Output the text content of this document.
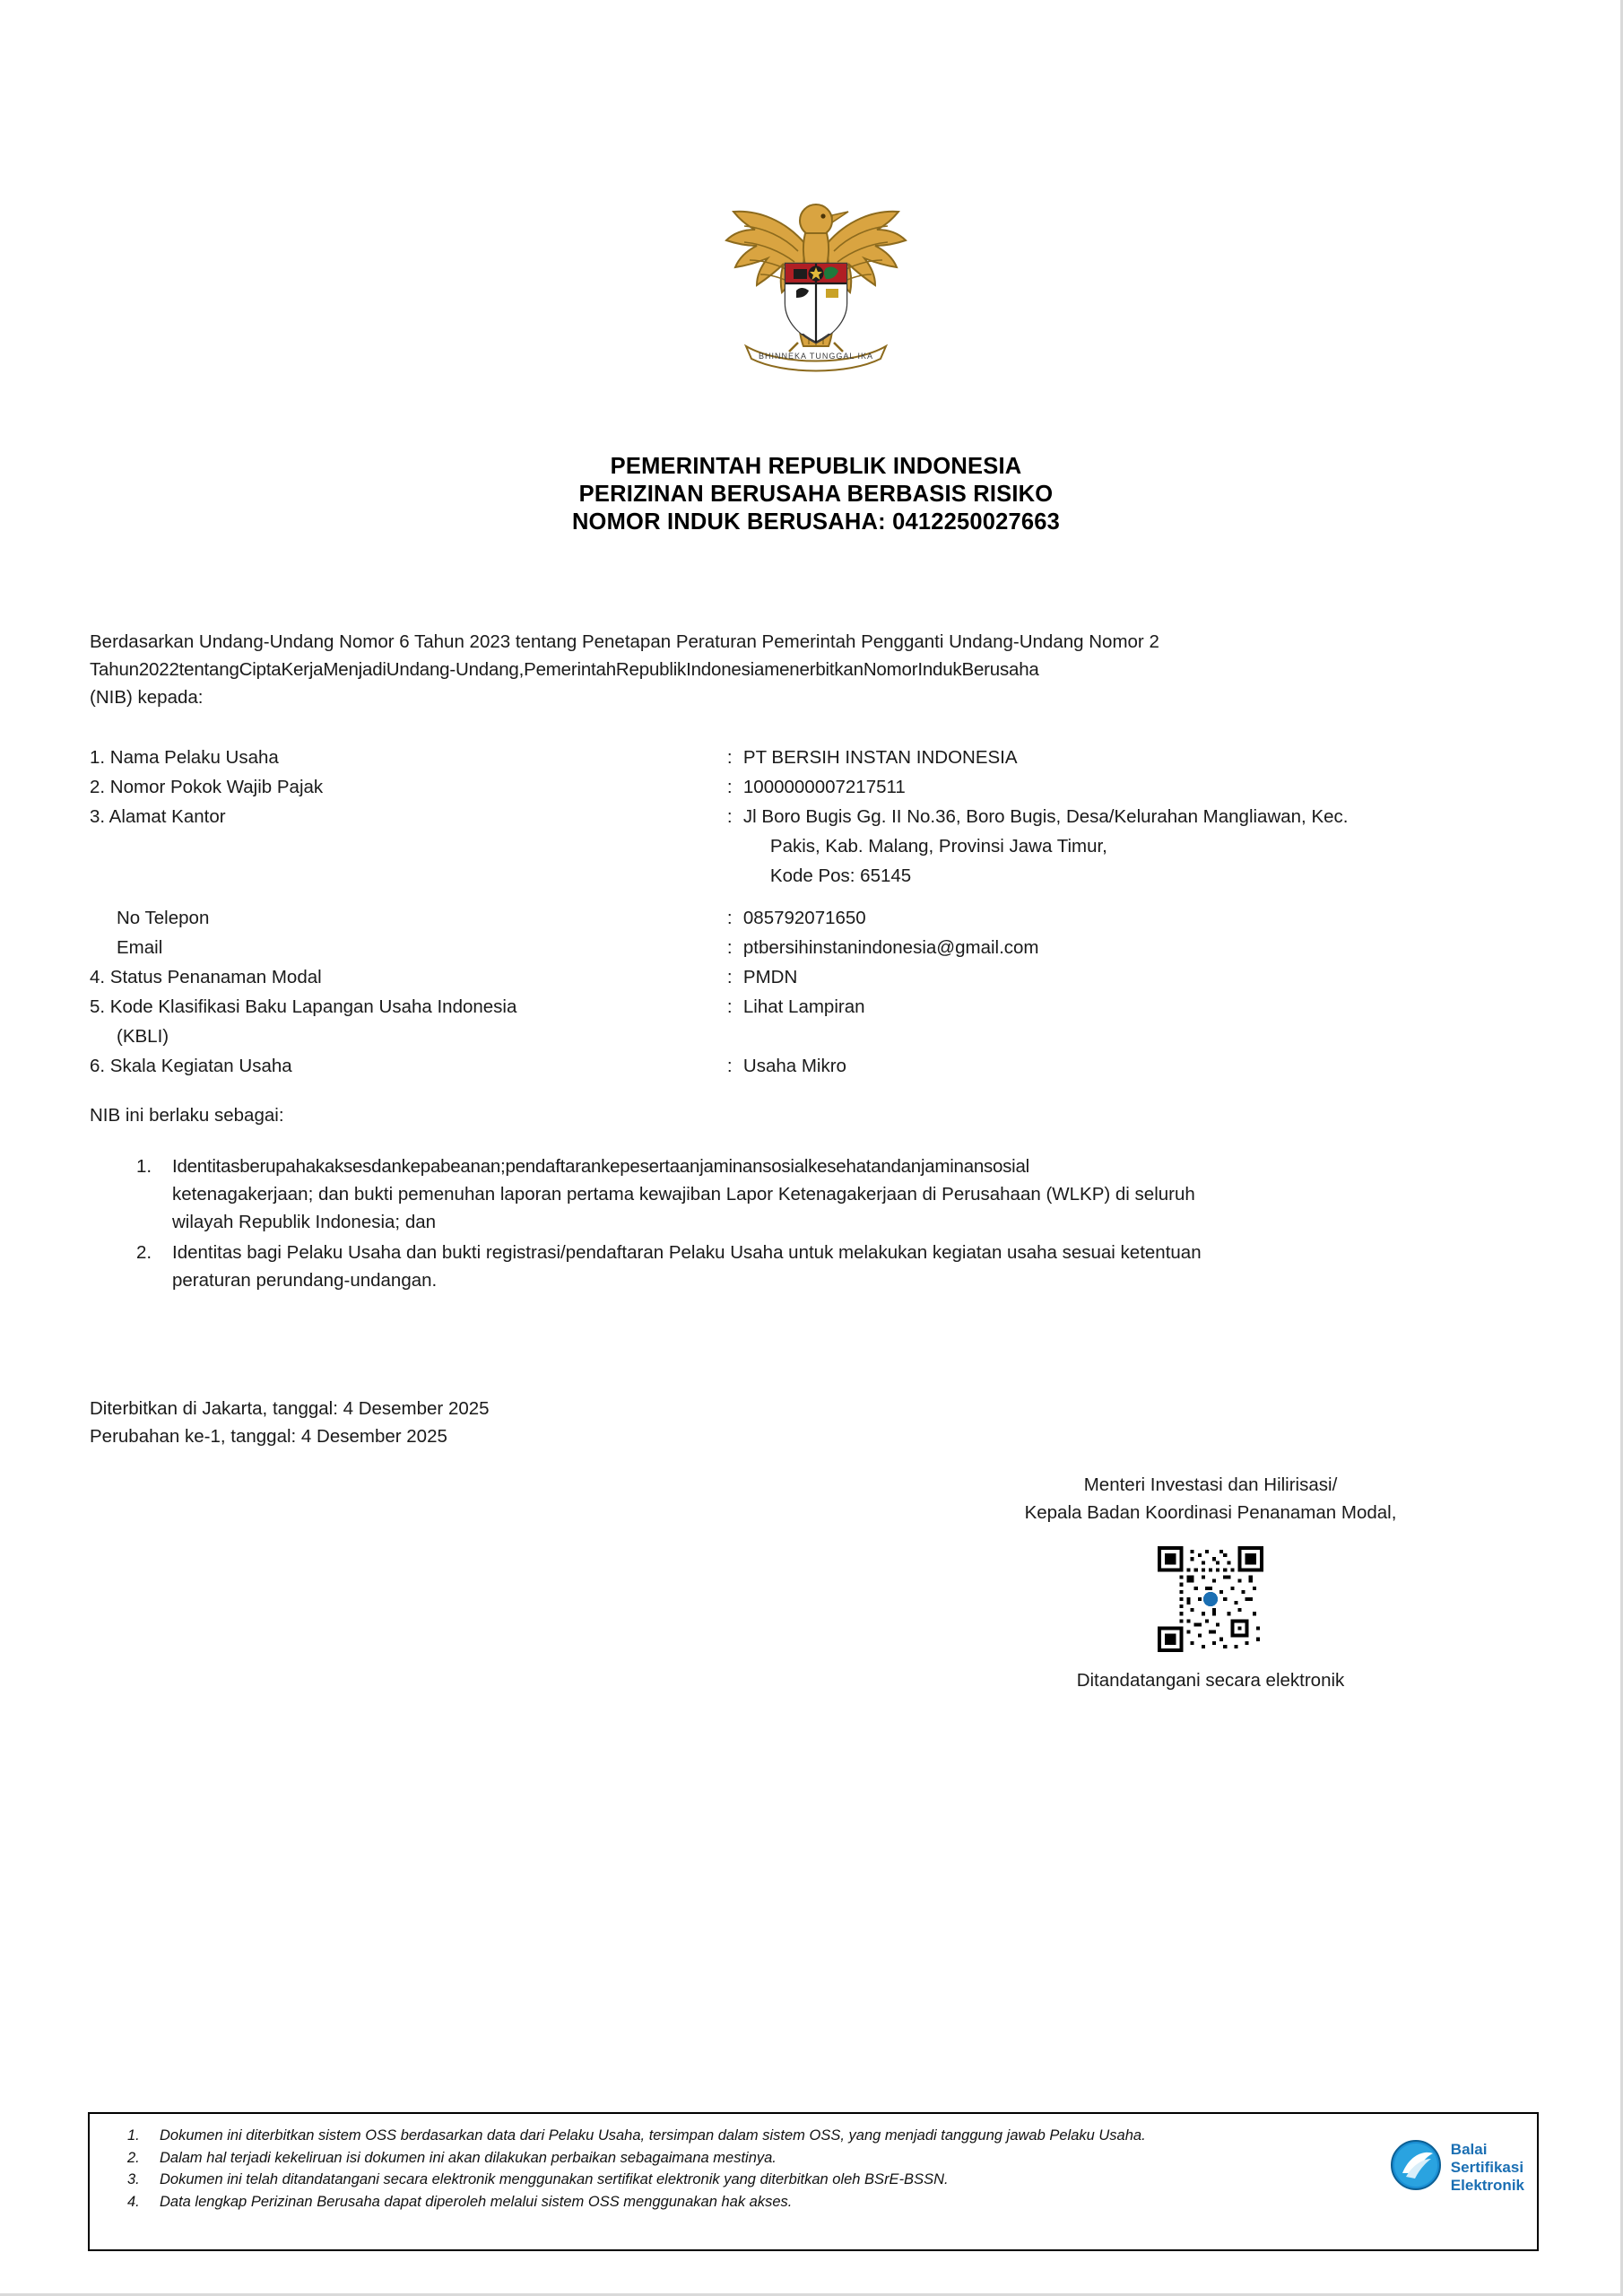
BHINNEKA TUNGGAL IKA
PEMERINTAH REPUBLIK INDONESIA
PERIZINAN BERUSAHA BERBASIS RISIKO
NOMOR INDUK BERUSAHA: 0412250027663
Berdasarkan Undang-Undang Nomor 6 Tahun 2023 tentang Penetapan Peraturan Pemerintah Pengganti Undang-Undang Nomor 2
Tahun2022tentangCiptaKerjaMenjadiUndang-Undang,PemerintahRepublikIndonesiamenerbitkanNomorIndukBerusaha
(NIB) kepada:
1. Nama Pelaku Usaha	:	PT BERSIH INSTAN INDONESIA
2. Nomor Pokok Wajib Pajak	:	1000000007217511
3. Alamat Kantor	:	Jl Boro Bugis Gg. II No.36, Boro Bugis, Desa/Kelurahan Mangliawan, Kec.
		Pakis, Kab. Malang, Provinsi Jawa Timur,
		Kode Pos: 65145

No Telepon	:	085792071650
Email	:	ptbersihinstanindonesia@gmail.com
4. Status Penanaman Modal	:	PMDN
5. Kode Klasifikasi Baku Lapangan Usaha Indonesia	:	Lihat Lampiran
(KBLI)		
6. Skala Kegiatan Usaha	:	Usaha Mikro
NIB ini berlaku sebagai:
1. Identitasberupahakaksesdankepabeanan;pendaftarankepesertaanjaminansosialkesehatandanjaminansosial
ketenagakerjaan; dan bukti pemenuhan laporan pertama kewajiban Lapor Ketenagakerjaan di Perusahaan (WLKP) di seluruh
wilayah Republik Indonesia; dan
2. Identitas bagi Pelaku Usaha dan bukti registrasi/pendaftaran Pelaku Usaha untuk melakukan kegiatan usaha sesuai ketentuan
peraturan perundang-undangan.
Diterbitkan di Jakarta, tanggal: 4 Desember 2025
Perubahan ke-1, tanggal: 4 Desember 2025
Menteri Investasi dan Hilirisasi/
Kepala Badan Koordinasi Penanaman Modal,
Ditandatangani secara elektronik
1. Dokumen ini diterbitkan sistem OSS berdasarkan data dari Pelaku Usaha, tersimpan dalam sistem OSS, yang menjadi tanggung jawab Pelaku Usaha.
2. Dalam hal terjadi kekeliruan isi dokumen ini akan dilakukan perbaikan sebagaimana mestinya.
3. Dokumen ini telah ditandatangani secara elektronik menggunakan sertifikat elektronik yang diterbitkan oleh BSrE-BSSN.
4. Data lengkap Perizinan Berusaha dapat diperoleh melalui sistem OSS menggunakan hak akses.
Balai
Sertifikasi
Elektronik
